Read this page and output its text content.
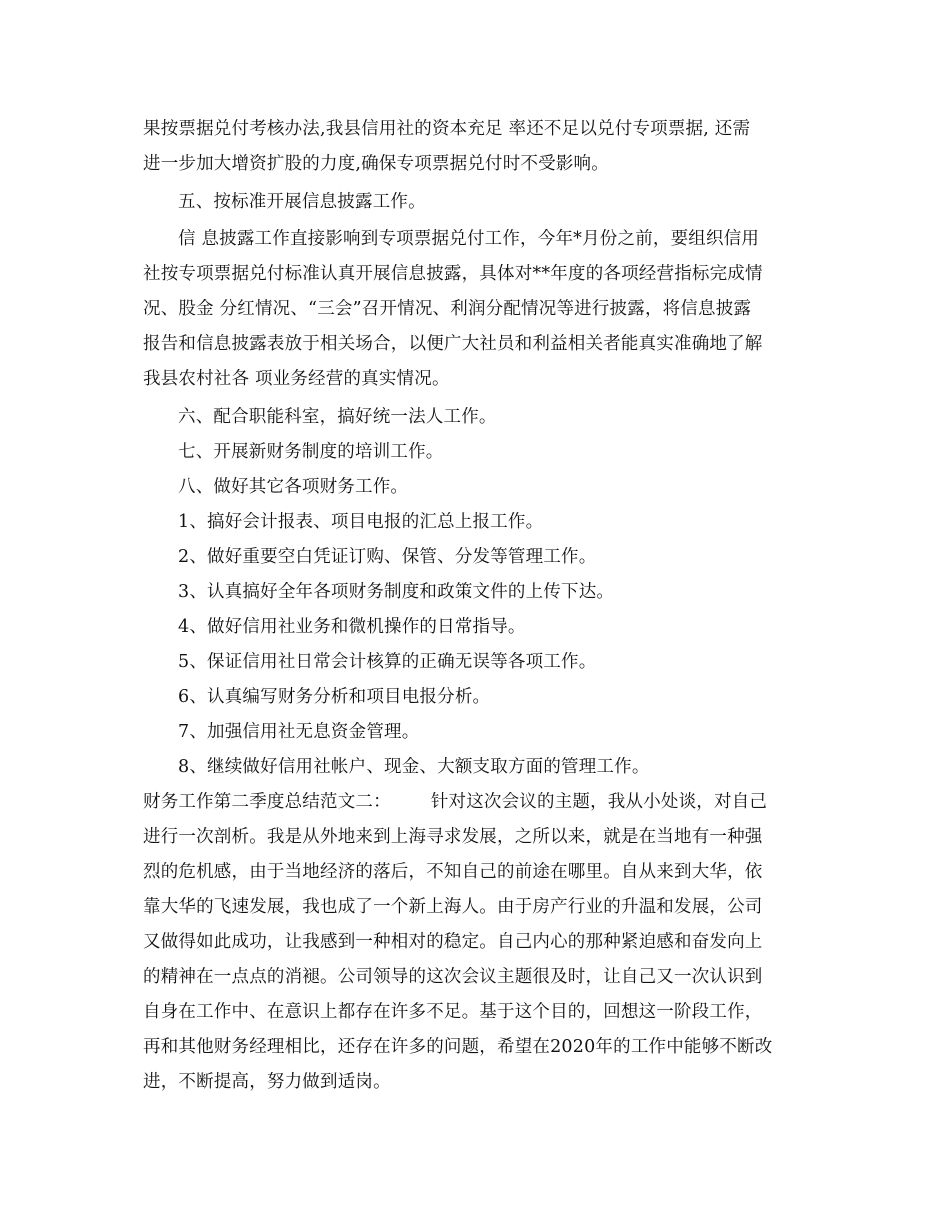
果按票据兑付考核办法,我县信用社的资本充足 率还不足以兑付专项票据, 还需
进一步加大增资扩股的力度,确保专项票据兑付时不受影响。
五、按标准开展信息披露工作。
信 息披露工作直接影响到专项票据兑付工作，今年*月份之前，要组织信用
社按专项票据兑付标准认真开展信息披露，具体对**年度的各项经营指标完成情
况、股金 分红情况、“三会”召开情况、利润分配情况等进行披露，将信息披露
报告和信息披露表放于相关场合，以便广大社员和利益相关者能真实准确地了解
我县农村社各 项业务经营的真实情况。
六、配合职能科室，搞好统一法人工作。
七、开展新财务制度的培训工作。
八、做好其它各项财务工作。
1、搞好会计报表、项目电报的汇总上报工作。
2、做好重要空白凭证订购、保管、分发等管理工作。
3、认真搞好全年各项财务制度和政策文件的上传下达。
4、做好信用社业务和微机操作的日常指导。
5、保证信用社日常会计核算的正确无误等各项工作。
6、认真编写财务分析和项目电报分析。
7、加强信用社无息资金管理。
8、继续做好信用社帐户、现金、大额支取方面的管理工作。
财务工作第二季度总结范文二： 针对这次会议的主题，我从小处谈，对自己
进行一次剖析。我是从外地来到上海寻求发展，之所以来，就是在当地有一种强
烈的危机感，由于当地经济的落后，不知自己的前途在哪里。自从来到大华，依
靠大华的飞速发展，我也成了一个新上海人。由于房产行业的升温和发展，公司
又做得如此成功，让我感到一种相对的稳定。自己内心的那种紧迫感和奋发向上
的精神在一点点的消褪。公司领导的这次会议主题很及时，让自己又一次认识到
自身在工作中、在意识上都存在许多不足。基于这个目的，回想这一阶段工作，
再和其他财务经理相比，还存在许多的问题，希望在2020年的工作中能够不断改
进，不断提高，努力做到适岗。
